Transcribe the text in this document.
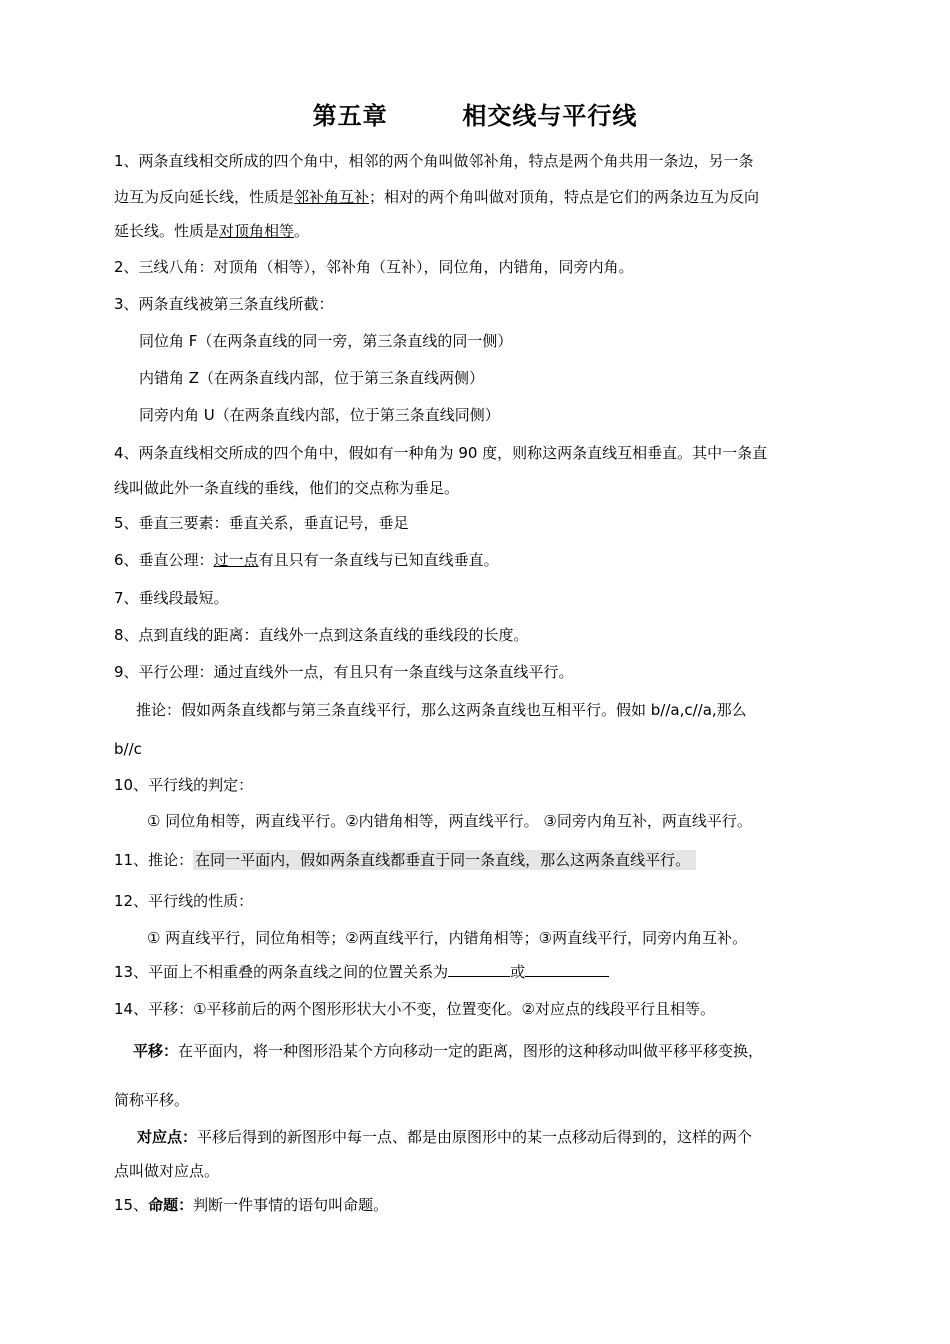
第五章        相交线与平行线
1、两条直线相交所成的四个角中，相邻的两个角叫做邻补角，特点是两个角共用一条边，另一条
边互为反向延长线，性质是邻补角互补；相对的两个角叫做对顶角，特点是它们的两条边互为反向
延长线。性质是对顶角相等。
2、三线八角：对顶角（相等），邻补角（互补），同位角，内错角，同旁内角。
3、两条直线被第三条直线所截：
同位角 F（在两条直线的同一旁，第三条直线的同一侧）
内错角 Z（在两条直线内部，位于第三条直线两侧）
同旁内角 U（在两条直线内部，位于第三条直线同侧）
4、两条直线相交所成的四个角中，假如有一种角为 90 度，则称这两条直线互相垂直。其中一条直
线叫做此外一条直线的垂线，他们的交点称为垂足。
5、垂直三要素：垂直关系，垂直记号，垂足
6、垂直公理：过一点有且只有一条直线与已知直线垂直。
7、垂线段最短。
8、点到直线的距离：直线外一点到这条直线的垂线段的长度。
9、平行公理：通过直线外一点，有且只有一条直线与这条直线平行。
推论：假如两条直线都与第三条直线平行，那么这两条直线也互相平行。假如 b//a,c//a,那么
b//c
10、平行线的判定：
① 同位角相等，两直线平行。②内错角相等，两直线平行。 ③同旁内角互补，两直线平行。
11、推论： 在同一平面内，假如两条直线都垂直于同一条直线，那么这两条直线平行。
12、平行线的性质：
① 两直线平行，同位角相等；②两直线平行，内错角相等；③两直线平行，同旁内角互补。
13、平面上不相重叠的两条直线之间的位置关系为	或
14、平移：①平移前后的两个图形形状大小不变，位置变化。②对应点的线段平行且相等。
平移：在平面内，将一种图形沿某个方向移动一定的距离，图形的这种移动叫做平移平移变换，
简称平移。
对应点：平移后得到的新图形中每一点、都是由原图形中的某一点移动后得到的，这样的两个
点叫做对应点。
15、命题：判断一件事情的语句叫命题。
